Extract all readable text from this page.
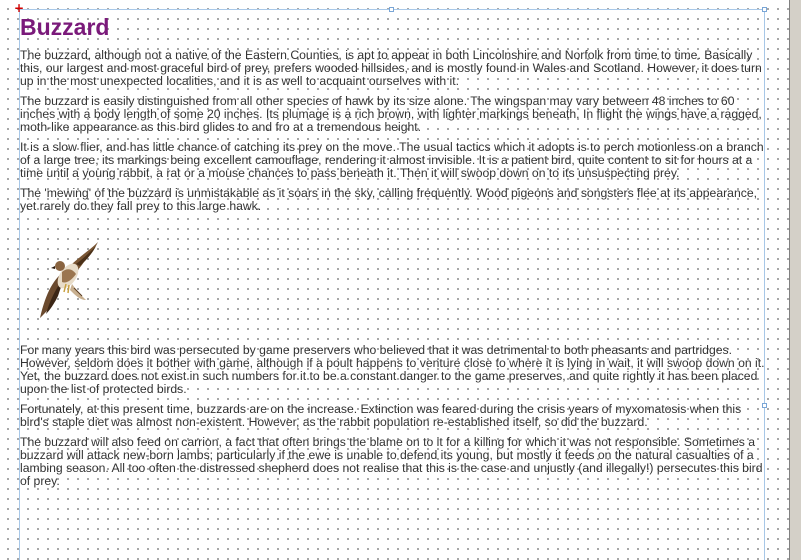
+
Buzzard

The buzzard, although not a native of the Eastern Counties, is apt to appear in both Lincolnshire and Norfolk from time to time. Basically this, our largest and most graceful bird of prey, prefers wooded hillsides, and is mostly found in Wales and Scotland. However, it does turn up in the most unexpected localities, and it is as well to acquaint ourselves with it.

The buzzard is easily distinguished from all other species of hawk by its size alone. The wingspan may vary between 48 inches to 60 inches with a body length of some 20 inches. Its plumage is a rich brown, with lighter markings beneath. In flight the wings have a ragged, moth-like appearance as this bird glides to and fro at a tremendous height.

It is a slow flier, and has little chance of catching its prey on the move. The usual tactics which it adopts is to perch motionless on a branch of a large tree, its markings being excellent camouflage, rendering it almost invisible. It is a patient bird, quite content to sit for hours at a time until a young rabbit, a rat or a mouse chances to pass beneath it. Then it will swoop down on to its unsuspecting prey.

The 'mewing' of the buzzard is unmistakable as it soars in the sky, calling frequently. Wood pigeons and songsters flee at its appearance, yet rarely do they fall prey to this large hawk.

For many years this bird was persecuted by game preservers who believed that it was detrimental to both pheasants and partridges. However, seldom does it bother with game, although if a poult happens to venture close to where it is lying in wait, it will swoop down on it. Yet, the buzzard does not exist in such numbers for it to be a constant danger to the game preserves, and quite rightly it has been placed upon the list of protected birds.

Fortunately, at this present time, buzzards are on the increase. Extinction was feared during the crisis years of myxomatosis when this bird's staple diet was almost non-existent. However, as the rabbit population re-established itself, so did the buzzard.

The buzzard will also feed on carrion, a fact that often brings the blame on to it for a killing for which it was not responsible. Sometimes a buzzard will attack new-born lambs; particularly if the ewe is unable to defend its young, but mostly it feeds on the natural casualties of a lambing season. All too often the distressed shepherd does not realise that this is the case and unjustly (and illegally!) persecutes this bird of prey.
